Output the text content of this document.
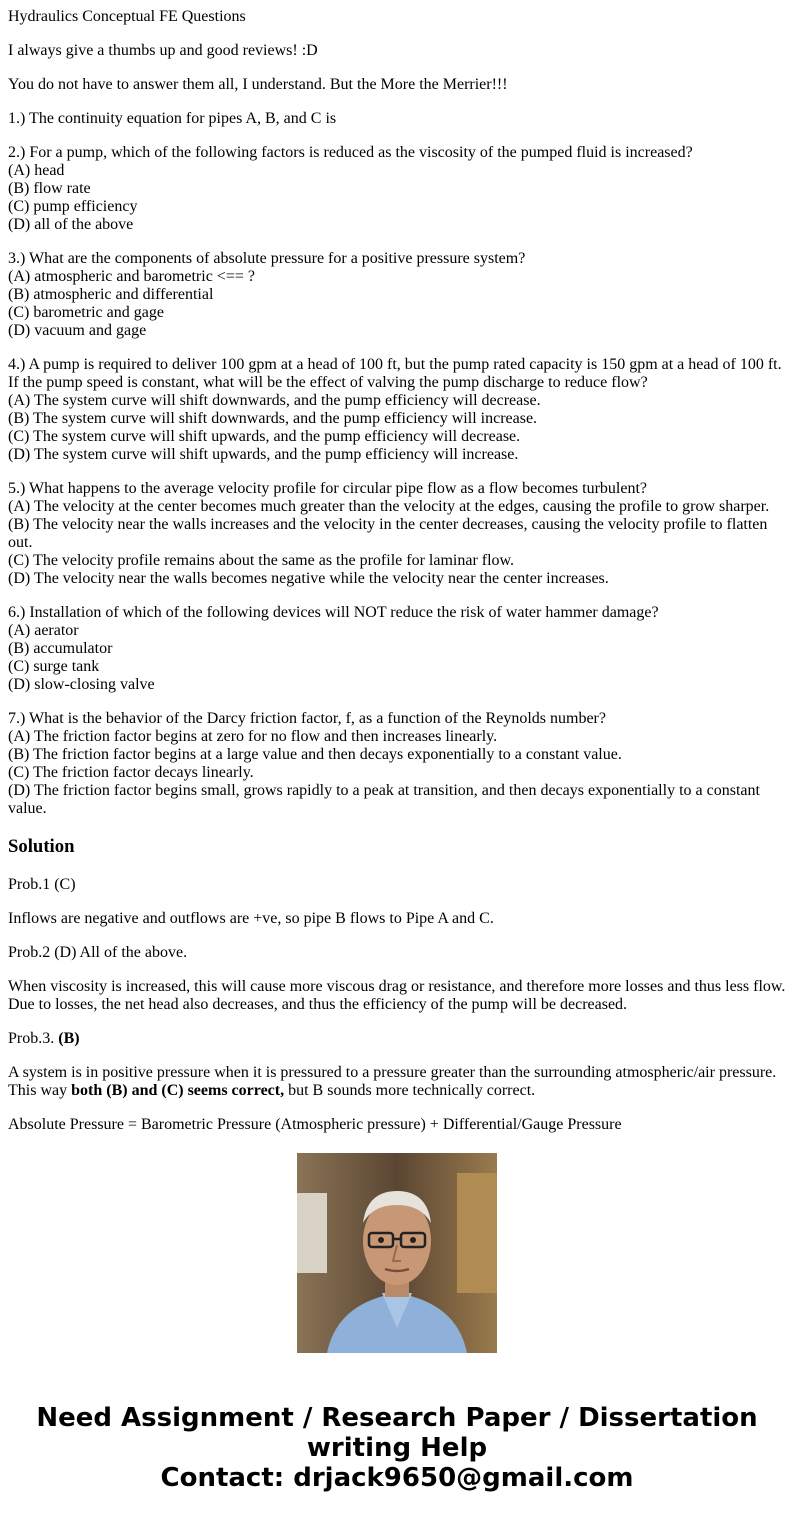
Hydraulics Conceptual FE Questions

I always give a thumbs up and good reviews! :D

You do not have to answer them all, I understand. But the More the Merrier!!!

1.) The continuity equation for pipes A, B, and C is

2.) For a pump, which of the following factors is reduced as the viscosity of the pumped fluid is increased?
(A) head
(B) flow rate
(C) pump efficiency
(D) all of the above

3.) What are the components of absolute pressure for a positive pressure system?
(A) atmospheric and barometric <== ?
(B) atmospheric and differential
(C) barometric and gage
(D) vacuum and gage

4.) A pump is required to deliver 100 gpm at a head of 100 ft, but the pump rated capacity is 150 gpm at a head of 100 ft. If the pump speed is constant, what will be the effect of valving the pump discharge to reduce flow?
(A) The system curve will shift downwards, and the pump efficiency will decrease.
(B) The system curve will shift downwards, and the pump efficiency will increase.
(C) The system curve will shift upwards, and the pump efficiency will decrease.
(D) The system curve will shift upwards, and the pump efficiency will increase.

5.) What happens to the average velocity profile for circular pipe flow as a flow becomes turbulent?
(A) The velocity at the center becomes much greater than the velocity at the edges, causing the profile to grow sharper.
(B) The velocity near the walls increases and the velocity in the center decreases, causing the velocity profile to flatten out.
(C) The velocity profile remains about the same as the profile for laminar flow.
(D) The velocity near the walls becomes negative while the velocity near the center increases.

6.) Installation of which of the following devices will NOT reduce the risk of water hammer damage?
(A) aerator
(B) accumulator
(C) surge tank
(D) slow-closing valve

7.) What is the behavior of the Darcy friction factor, f, as a function of the Reynolds number?
(A) The friction factor begins at zero for no flow and then increases linearly.
(B) The friction factor begins at a large value and then decays exponentially to a constant value.
(C) The friction factor decays linearly.
(D) The friction factor begins small, grows rapidly to a peak at transition, and then decays exponentially to a constant value.

Solution

Prob.1 (C)

Inflows are negative and outflows are +ve, so pipe B flows to Pipe A and C.

Prob.2 (D) All of the above.

When viscosity is increased, this will cause more viscous drag or resistance, and therefore more losses and thus less flow. Due to losses, the net head also decreases, and thus the efficiency of the pump will be decreased.

Prob.3. (B)

A system is in positive pressure when it is pressured to a pressure greater than the surrounding atmospheric/air pressure. This way both (B) and (C) seems correct, but B sounds more technically correct.

Absolute Pressure = Barometric Pressure (Atmospheric pressure) + Differential/Gauge Pressure

Need Assignment / Research Paper / Dissertation
writing Help
Contact: drjack9650@gmail.com
